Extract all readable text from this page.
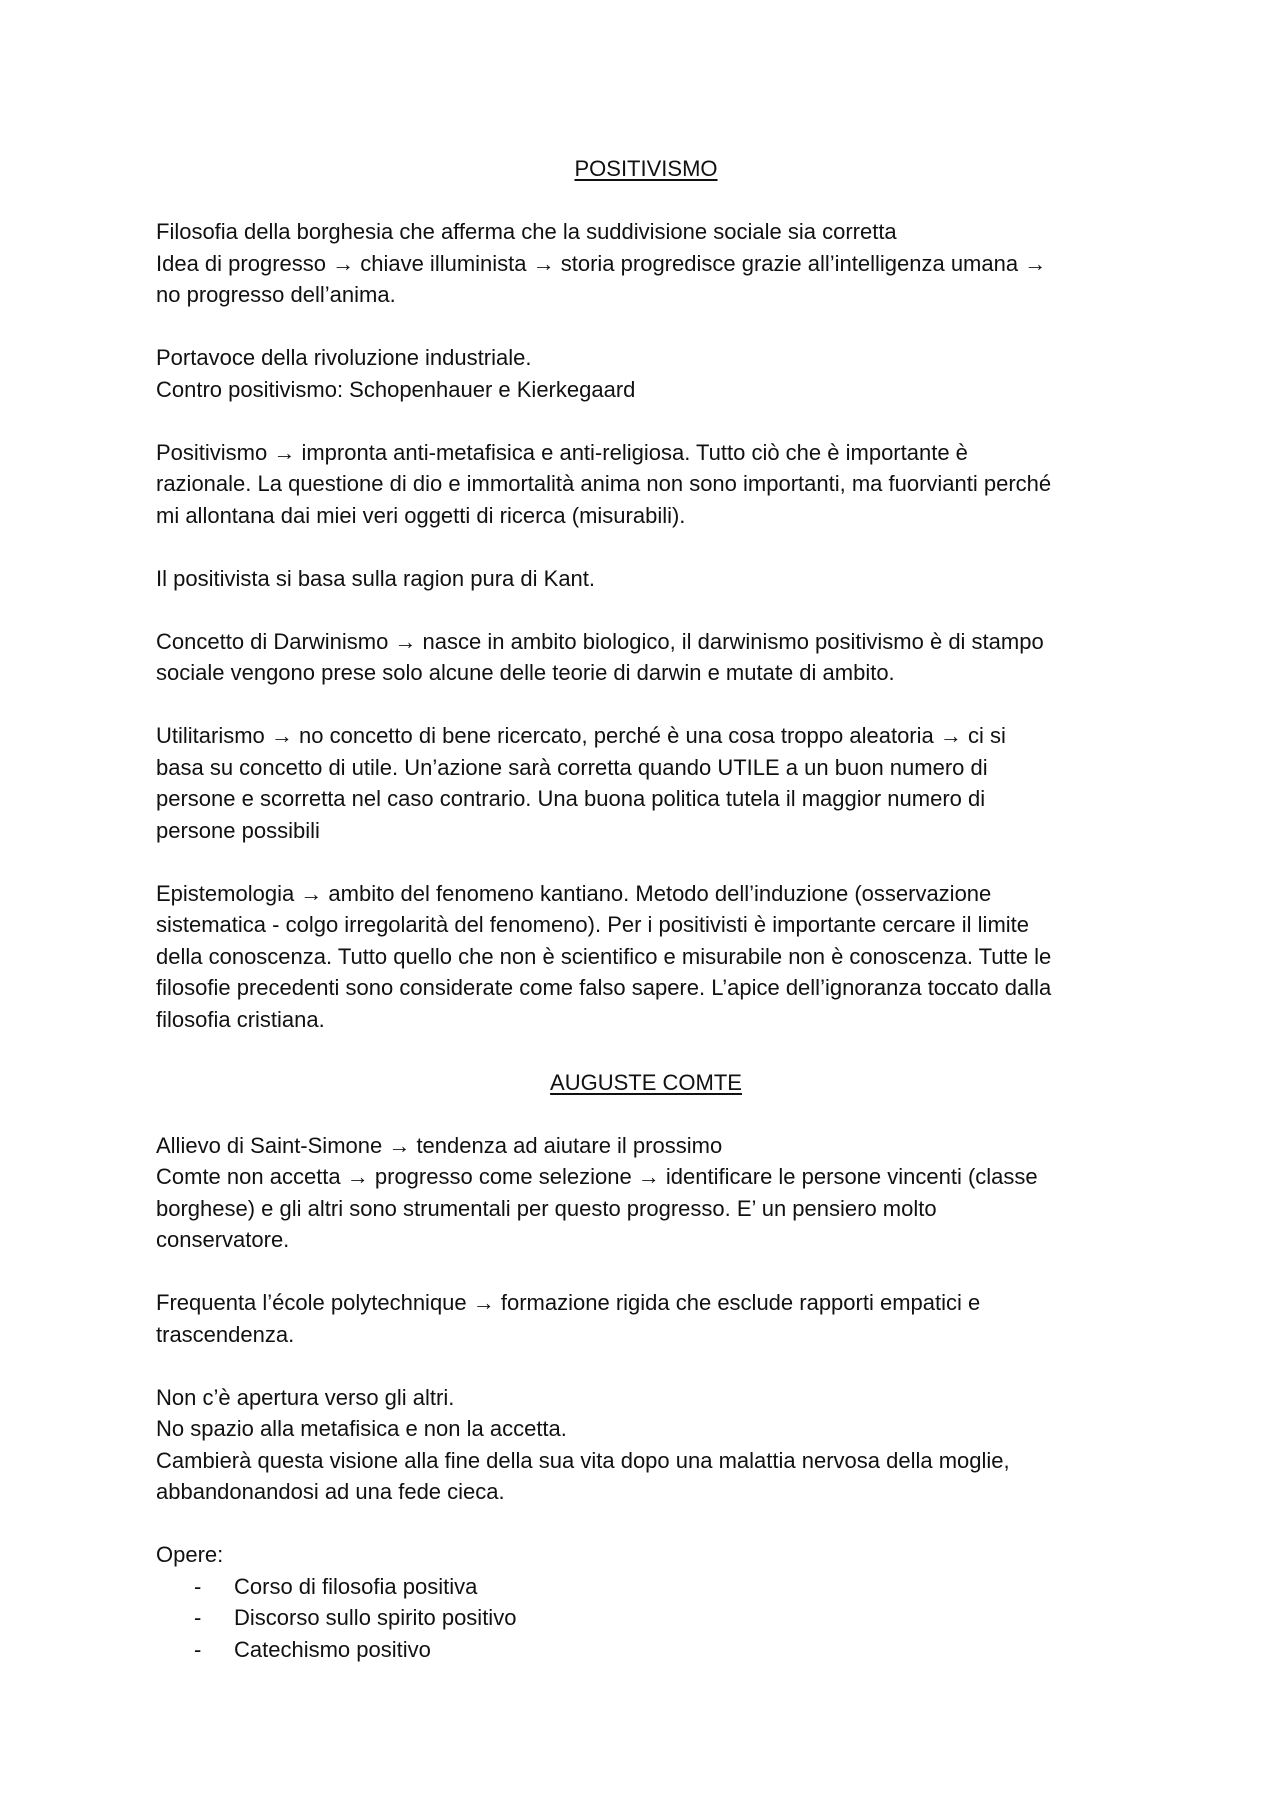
POSITIVISMO

Filosofia della borghesia che afferma che la suddivisione sociale sia corretta
Idea di progresso → chiave illuminista → storia progredisce grazie all’intelligenza umana →
no progresso dell’anima.

Portavoce della rivoluzione industriale.
Contro positivismo: Schopenhauer e Kierkegaard

Positivismo → impronta anti-metafisica e anti-religiosa. Tutto ciò che è importante è
razionale. La questione di dio e immortalità anima non sono importanti, ma fuorvianti perché
mi allontana dai miei veri oggetti di ricerca (misurabili).

Il positivista si basa sulla ragion pura di Kant.

Concetto di Darwinismo → nasce in ambito biologico, il darwinismo positivismo è di stampo
sociale vengono prese solo alcune delle teorie di darwin e mutate di ambito.

Utilitarismo → no concetto di bene ricercato, perché è una cosa troppo aleatoria → ci si
basa su concetto di utile. Un’azione sarà corretta quando UTILE a un buon numero di
persone e scorretta nel caso contrario. Una buona politica tutela il maggior numero di
persone possibili

Epistemologia → ambito del fenomeno kantiano. Metodo dell’induzione (osservazione
sistematica - colgo irregolarità del fenomeno). Per i positivisti è importante cercare il limite
della conoscenza. Tutto quello che non è scientifico e misurabile non è conoscenza. Tutte le
filosofie precedenti sono considerate come falso sapere. L’apice dell’ignoranza toccato dalla
filosofia cristiana.

AUGUSTE COMTE

Allievo di Saint-Simone → tendenza ad aiutare il prossimo
Comte non accetta → progresso come selezione → identificare le persone vincenti (classe
borghese) e gli altri sono strumentali per questo progresso. E’ un pensiero molto
conservatore.

Frequenta l’école polytechnique → formazione rigida che esclude rapporti empatici e
trascendenza.

Non c’è apertura verso gli altri.
No spazio alla metafisica e non la accetta.
Cambierà questa visione alla fine della sua vita dopo una malattia nervosa della moglie,
abbandonandosi ad una fede cieca.

Opere:

- Corso di filosofia positiva
- Discorso sullo spirito positivo
- Catechismo positivo
